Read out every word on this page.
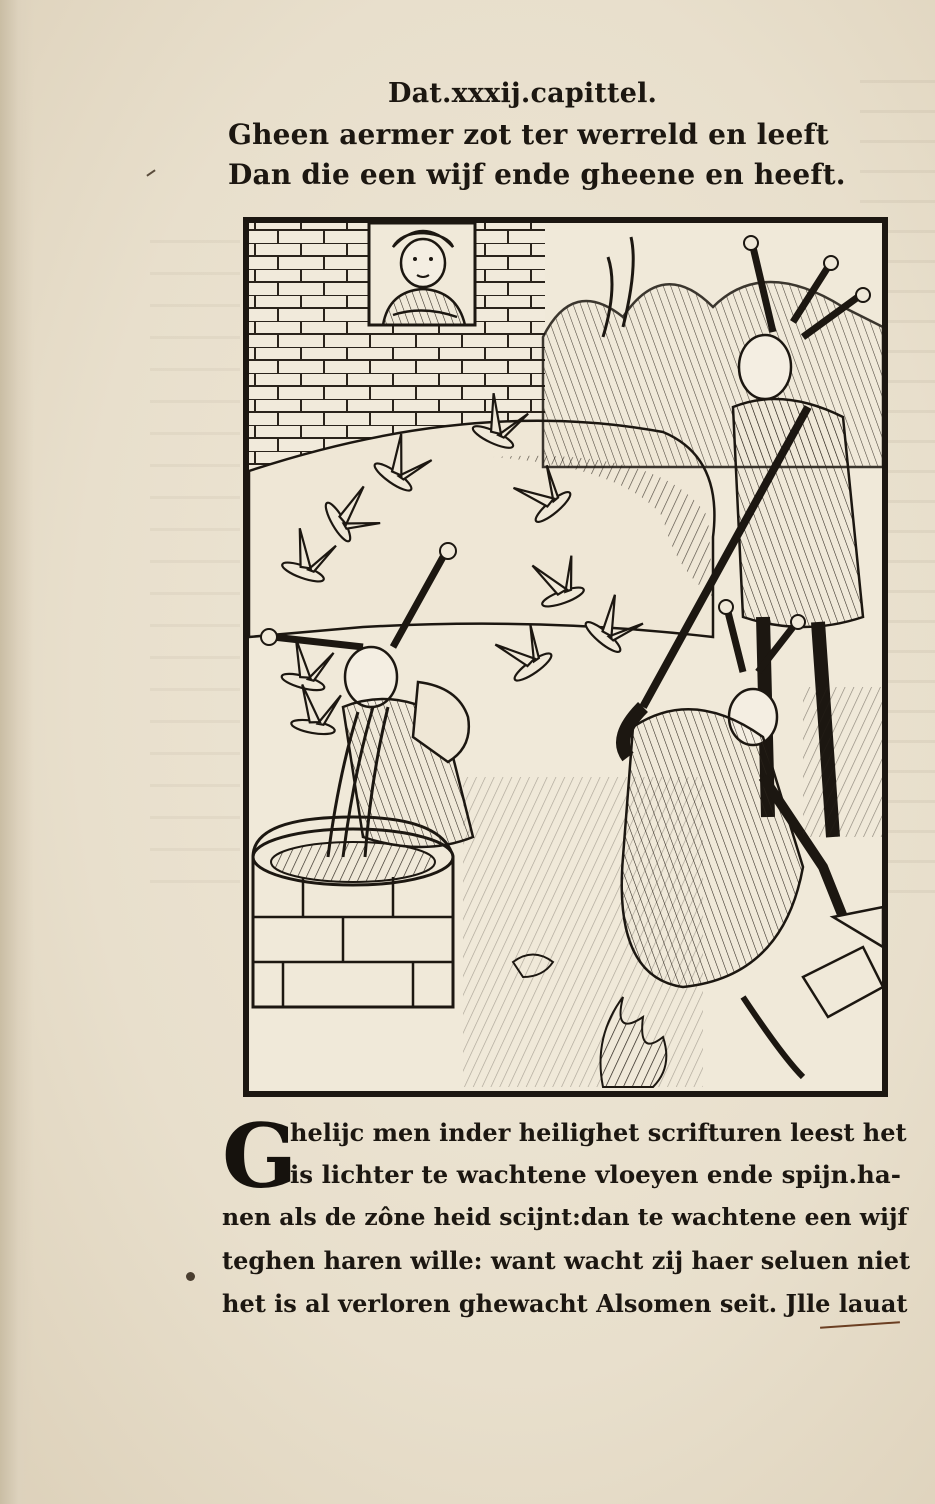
Dat.xxxij.capittel.
Gheen aermer zot ter werreld en leeft
Dan die een wijf ende gheene en heeft.
G
helijc men inder heilighet scrifturen leest het
is lichter te wachtene vloeyen ende spijn.ha-
nen als de zône heid scijnt:dan te wachtene een wijf
teghen haren wille: want wacht zij haer seluen niet
het is al verloren ghewacht Alsomen seit. Jlle lauat
